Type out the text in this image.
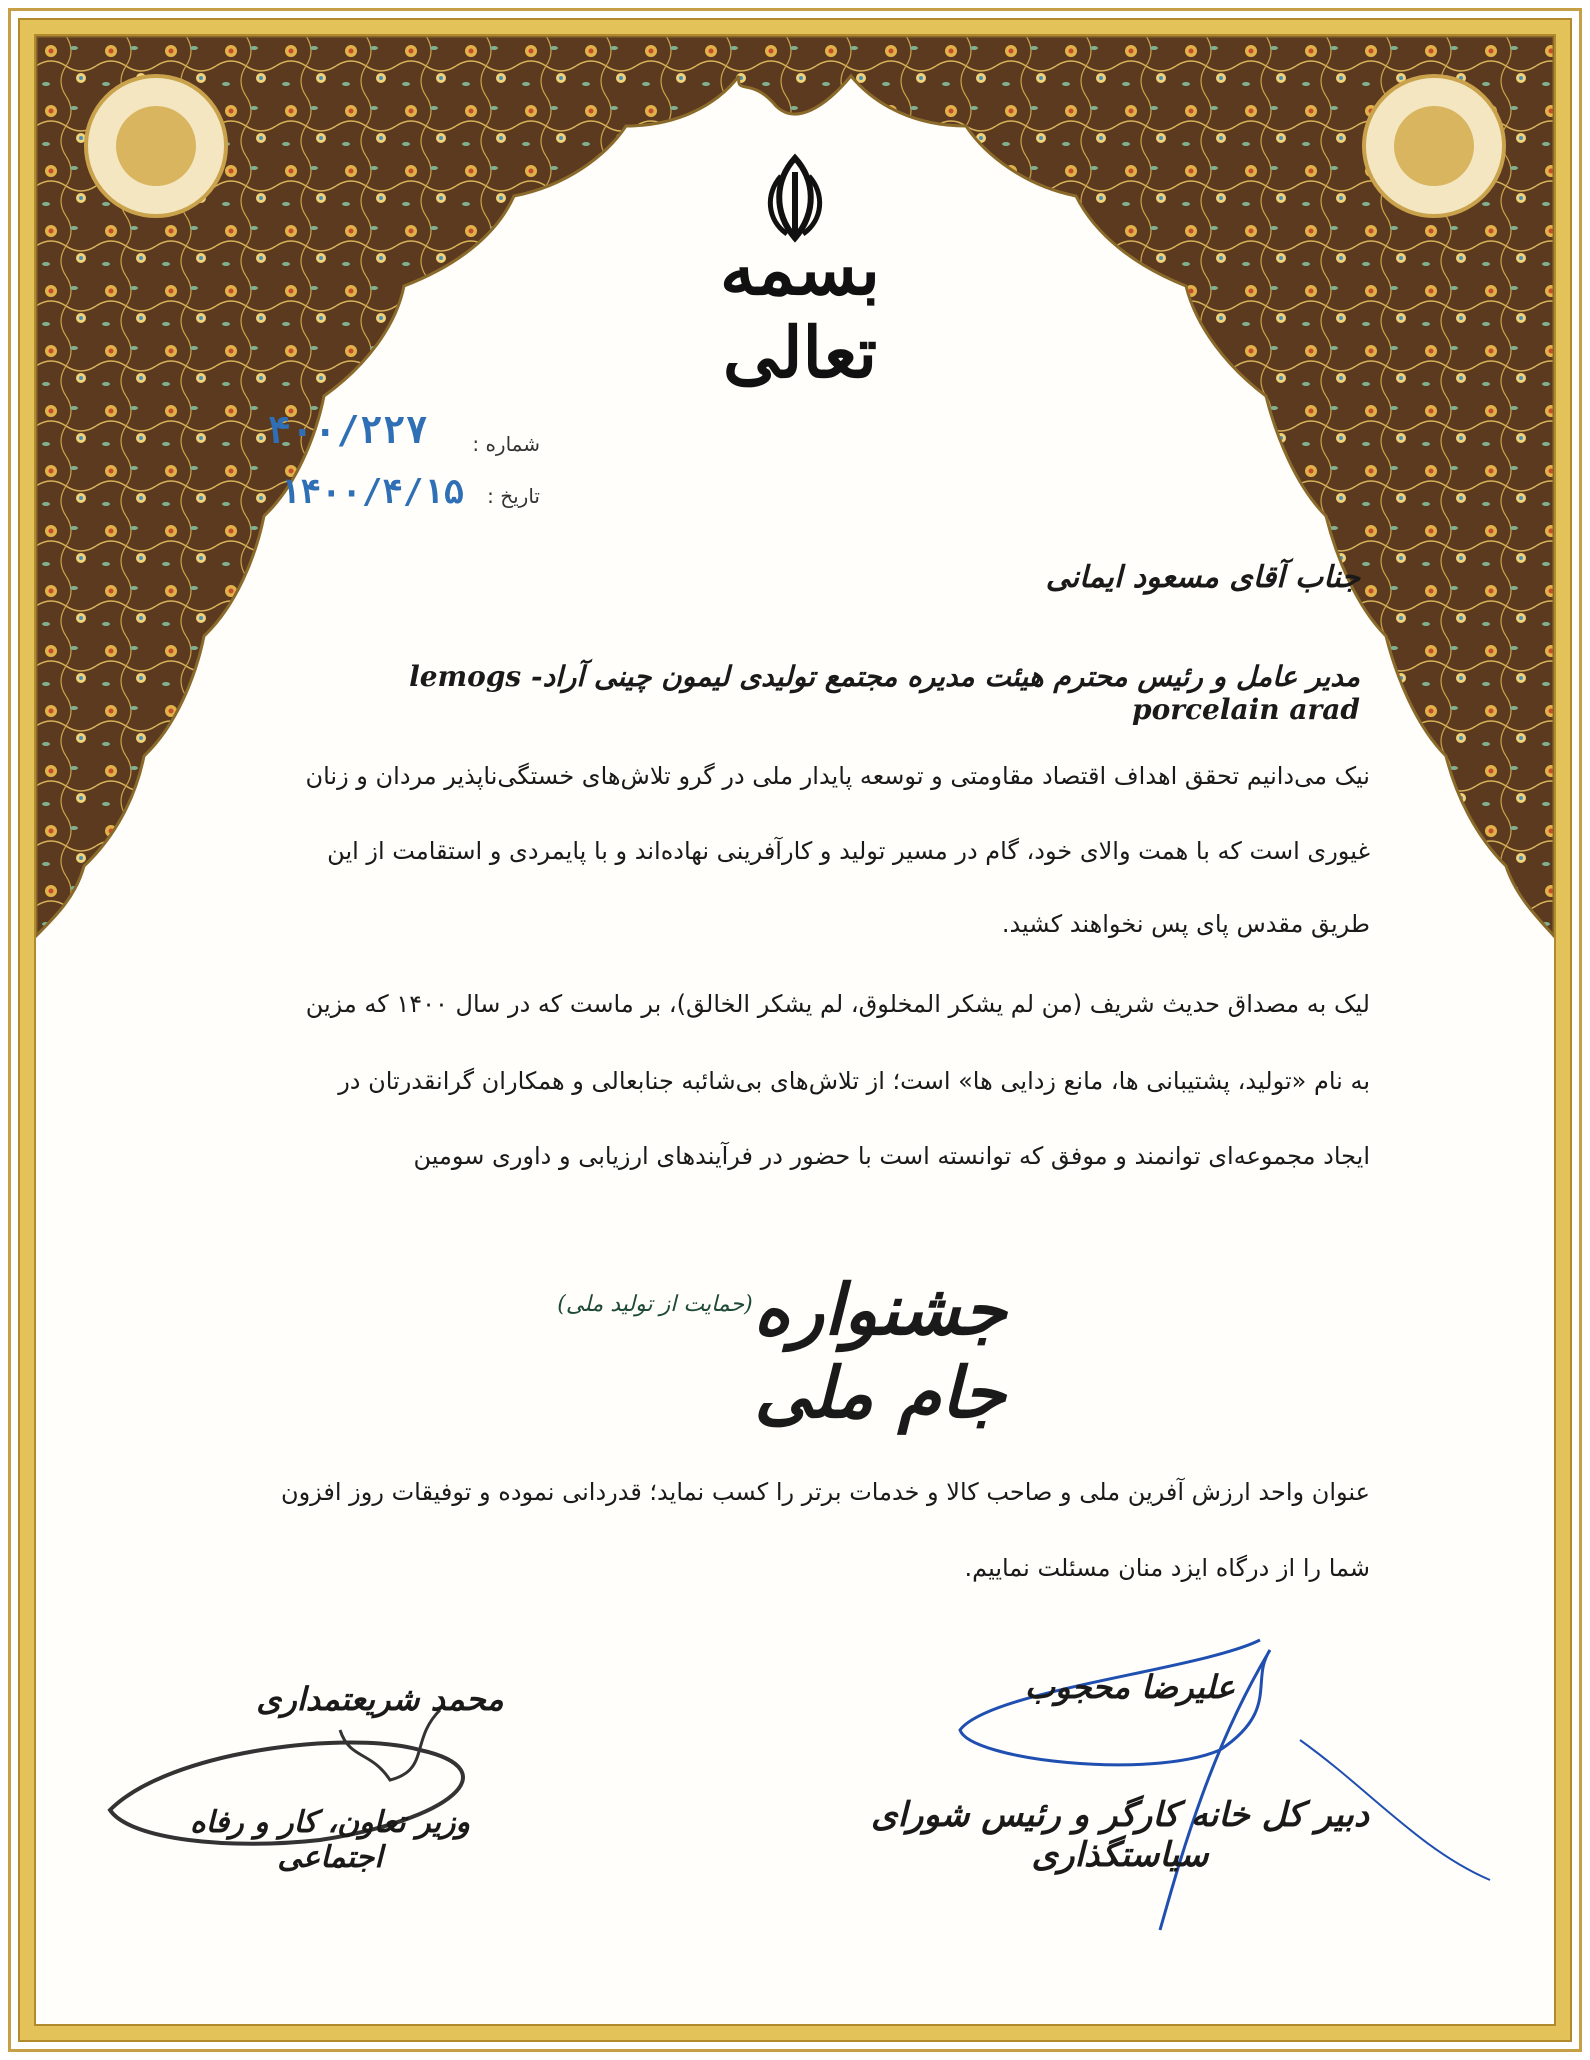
بسمه تعالی
شماره :
۴۰۰/۲۲۷
تاریخ :
۱۴۰۰/۴/۱۵
جناب آقای مسعود ایمانی
مدیر عامل و رئیس محترم هیئت مدیره مجتمع تولیدی لیمون چینی آراد- lemogs porcelain arad
نیک می‌دانیم تحقق اهداف اقتصاد مقاومتی و توسعه پایدار ملی در گرو تلاش‌های خستگی‌ناپذیر مردان و زنان
غیوری است که با همت والای خود، گام در مسیر تولید و کارآفرینی نهاده‌اند و با پایمردی و استقامت از این
طریق مقدس پای پس نخواهند کشید.
لیک به مصداق حدیث شریف (من لم یشکر المخلوق، لم یشکر الخالق)، بر ماست که در سال ۱۴۰۰ که مزین
به نام «تولید، پشتیبانی ها، مانع زدایی ها» است؛ از تلاش‌های بی‌شائبه جنابعالی و همکاران گرانقدرتان در
ایجاد مجموعه‌ای توانمند و موفق که توانسته است با حضور در فرآیندهای ارزیابی و داوری سومین
جشنواره جام ملی
(حمایت از تولید ملی)
عنوان واحد ارزش آفرین ملی و صاحب کالا و خدمات برتر را کسب نماید؛ قدردانی نموده و توفیقات روز افزون
شما را از درگاه ایزد منان مسئلت نماییم.
علیرضا محجوب
دبیر کل خانه کارگر و رئیس شورای سیاستگذاری
محمد شریعتمداری
وزیر تعاون، کار و رفاه اجتماعی
